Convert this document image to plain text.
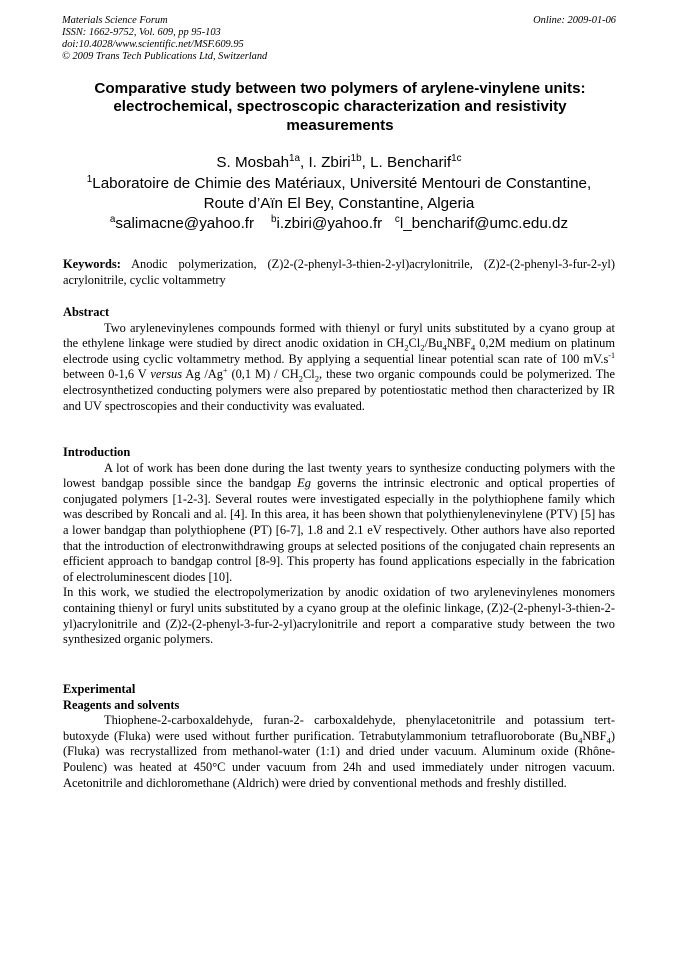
Materials Science Forum
ISSN: 1662-9752, Vol. 609, pp 95-103
doi:10.4028/www.scientific.net/MSF.609.95
© 2009 Trans Tech Publications Ltd, Switzerland
Online: 2009-01-06
Comparative study between two polymers of arylene-vinylene units: electrochemical, spectroscopic characterization and resistivity measurements
S. Mosbah$^{1a}$, I. Zbiri$^{1b}$, L. Bencharif$^{1c}$
$^1$Laboratoire de Chimie des Matériaux, Université Mentouri de Constantine,
Route d’Aïn El Bey, Constantine, Algeria
$^a$salimacne@yahoo.fr $^b$i.zbiri@yahoo.fr $^c$l_bencharif@umc.edu.dz
Keywords: Anodic polymerization, (Z)2-(2-phenyl-3-thien-2-yl)acrylonitrile, (Z)2-(2-phenyl-3-fur-2-yl) acrylonitrile, cyclic voltammetry
Abstract

Two arylenevinylenes compounds formed with thienyl or furyl units substituted by a cyano group at the ethylene linkage were studied by direct anodic oxidation in $CH_2Cl_2/Bu_4NBF_4$ 0,2M medium on platinum electrode using cyclic voltammetry method. By applying a sequential linear potential scan rate of 100 $mV.s^{-1}$ between 0-1,6 V versus Ag /Ag+ (0,1 $M) / CH_2Cl_2$, these two organic compounds could be polymerized. The electrosynthetized conducting polymers were also prepared by potentiostatic method then characterized by IR and UV spectroscopies and their conductivity was evaluated.

Introduction

A lot of work has been done during the last twenty years to synthesize conducting polymers with the lowest bandgap possible since the bandgap Eg governs the intrinsic electronic and optical properties of conjugated polymers [1-2-3]. Several routes were investigated especially in the polythiophene family which was described by Roncali and al. [4]. In this area, it has been shown that polythienylenevinylene (PTV) [5] has a lower bandgap than polythiophene (PT) [6-7], 1.8 and 2.1 eV respectively. Other authors have also reported that the introduction of electronwithdrawing groups at selected positions of the conjugated chain represents an efficient approach to bandgap control [8-9]. This property has found applications especially in the fabrication of electroluminescent diodes [10].

In this work, we studied the electropolymerization by anodic oxidation of two arylenevinylenes monomers containing thienyl or furyl units substituted by a cyano group at the olefinic linkage, (Z)2-(2-phenyl-3-thien-2-yl)acrylonitrile and (Z)2-(2-phenyl-3-fur-2-yl)acrylonitrile and report a comparative study between the two synthesized organic polymers.

Experimental
Reagents and solvents

Thiophene-2-carboxaldehyde, furan-2- carboxaldehyde, phenylacetonitrile and potassium tert-butoxyde (Fluka) were used without further purification. Tetrabutylammonium tetrafluoroborate $(Bu_4NBF_4)$ (Fluka) was recrystallized from methanol-water (1:1) and dried under vacuum. Aluminum oxide (Rhône-Poulenc) was heated at 450°C under vacuum from 24h and used immediately under nitrogen vacuum. Acetonitrile and dichloromethane (Aldrich) were dried by conventional methods and freshly distilled.
